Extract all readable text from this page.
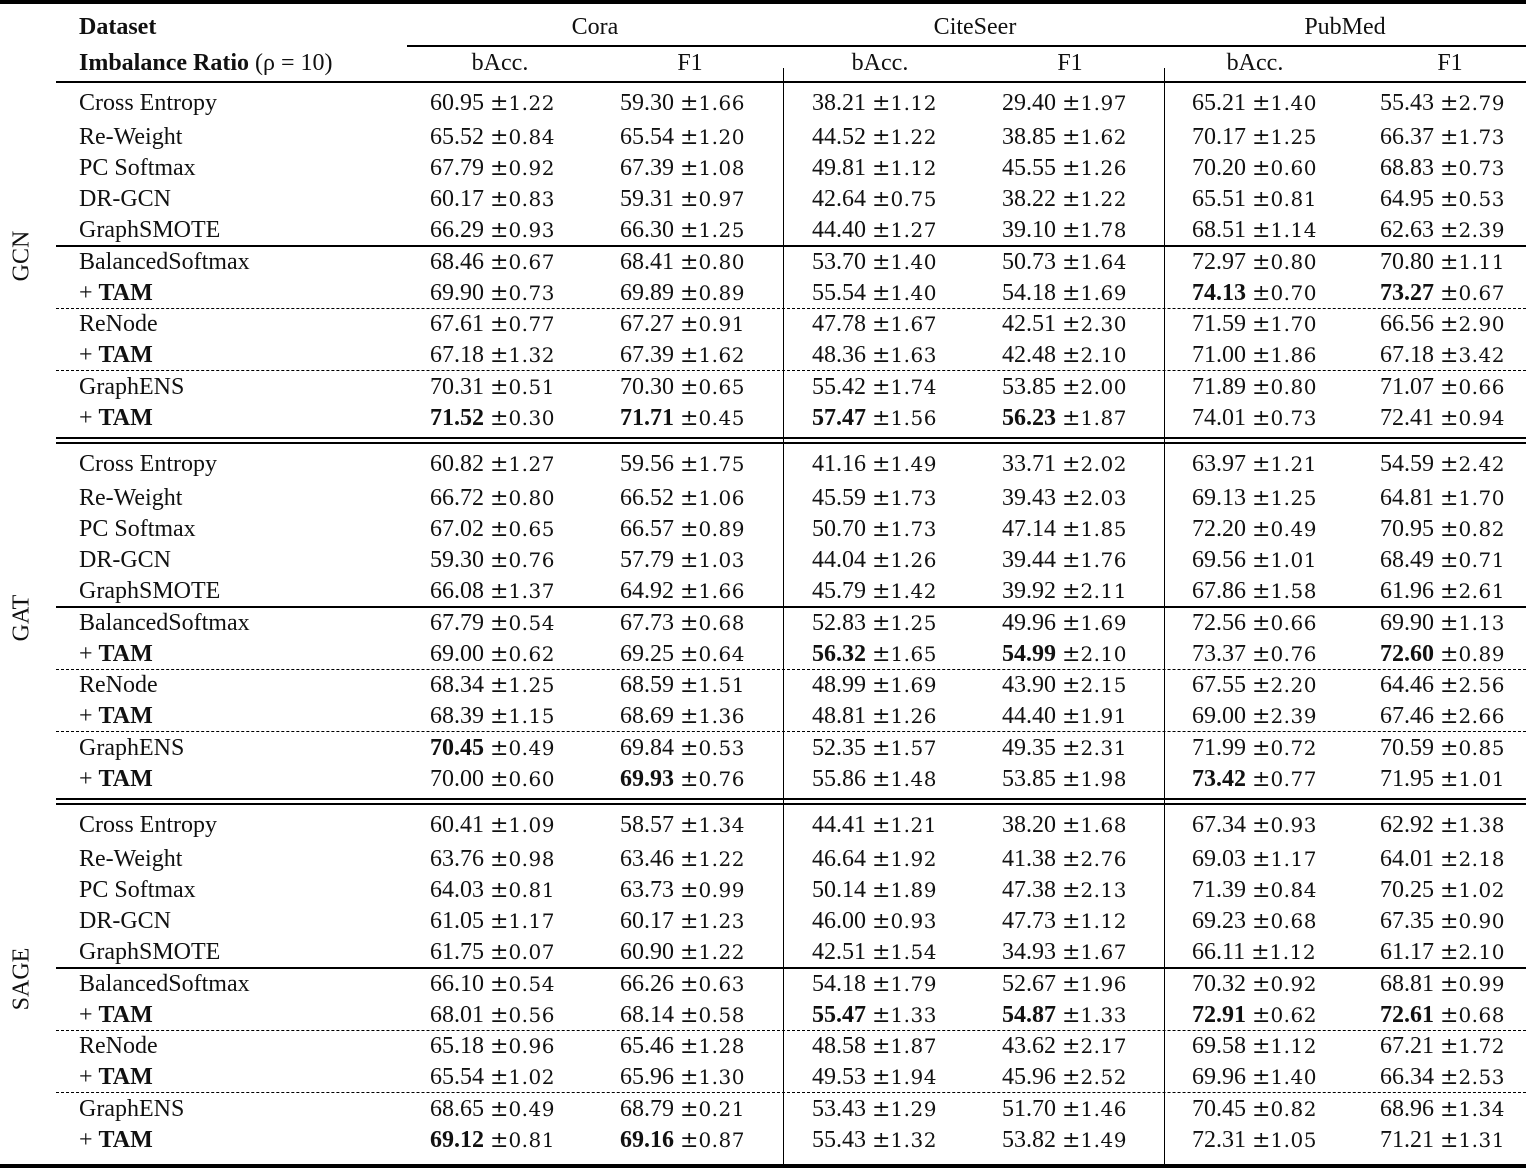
Dataset	Cora	CiteSeer	PubMed
Imbalance Ratio (ρ = 10)	bAcc.	F1	bAcc.	F1	bAcc.	F1
GCN
Cross Entropy	60.95 ±1.22	59.30 ±1.66	38.21 ±1.12	29.40 ±1.97	65.21 ±1.40	55.43 ±2.79
Re-Weight	65.52 ±0.84	65.54 ±1.20	44.52 ±1.22	38.85 ±1.62	70.17 ±1.25	66.37 ±1.73
PC Softmax	67.79 ±0.92	67.39 ±1.08	49.81 ±1.12	45.55 ±1.26	70.20 ±0.60	68.83 ±0.73
DR-GCN	60.17 ±0.83	59.31 ±0.97	42.64 ±0.75	38.22 ±1.22	65.51 ±0.81	64.95 ±0.53
GraphSMOTE	66.29 ±0.93	66.30 ±1.25	44.40 ±1.27	39.10 ±1.78	68.51 ±1.14	62.63 ±2.39
BalancedSoftmax	68.46 ±0.67	68.41 ±0.80	53.70 ±1.40	50.73 ±1.64	72.97 ±0.80	70.80 ±1.11
+ TAM	69.90 ±0.73	69.89 ±0.89	55.54 ±1.40	54.18 ±1.69	74.13 ±0.70	73.27 ±0.67
ReNode	67.61 ±0.77	67.27 ±0.91	47.78 ±1.67	42.51 ±2.30	71.59 ±1.70	66.56 ±2.90
+ TAM	67.18 ±1.32	67.39 ±1.62	48.36 ±1.63	42.48 ±2.10	71.00 ±1.86	67.18 ±3.42
GraphENS	70.31 ±0.51	70.30 ±0.65	55.42 ±1.74	53.85 ±2.00	71.89 ±0.80	71.07 ±0.66
+ TAM	71.52 ±0.30	71.71 ±0.45	57.47 ±1.56	56.23 ±1.87	74.01 ±0.73	72.41 ±0.94
GAT
Cross Entropy	60.82 ±1.27	59.56 ±1.75	41.16 ±1.49	33.71 ±2.02	63.97 ±1.21	54.59 ±2.42
Re-Weight	66.72 ±0.80	66.52 ±1.06	45.59 ±1.73	39.43 ±2.03	69.13 ±1.25	64.81 ±1.70
PC Softmax	67.02 ±0.65	66.57 ±0.89	50.70 ±1.73	47.14 ±1.85	72.20 ±0.49	70.95 ±0.82
DR-GCN	59.30 ±0.76	57.79 ±1.03	44.04 ±1.26	39.44 ±1.76	69.56 ±1.01	68.49 ±0.71
GraphSMOTE	66.08 ±1.37	64.92 ±1.66	45.79 ±1.42	39.92 ±2.11	67.86 ±1.58	61.96 ±2.61
BalancedSoftmax	67.79 ±0.54	67.73 ±0.68	52.83 ±1.25	49.96 ±1.69	72.56 ±0.66	69.90 ±1.13
+ TAM	69.00 ±0.62	69.25 ±0.64	56.32 ±1.65	54.99 ±2.10	73.37 ±0.76	72.60 ±0.89
ReNode	68.34 ±1.25	68.59 ±1.51	48.99 ±1.69	43.90 ±2.15	67.55 ±2.20	64.46 ±2.56
+ TAM	68.39 ±1.15	68.69 ±1.36	48.81 ±1.26	44.40 ±1.91	69.00 ±2.39	67.46 ±2.66
GraphENS	70.45 ±0.49	69.84 ±0.53	52.35 ±1.57	49.35 ±2.31	71.99 ±0.72	70.59 ±0.85
+ TAM	70.00 ±0.60	69.93 ±0.76	55.86 ±1.48	53.85 ±1.98	73.42 ±0.77	71.95 ±1.01
SAGE
Cross Entropy	60.41 ±1.09	58.57 ±1.34	44.41 ±1.21	38.20 ±1.68	67.34 ±0.93	62.92 ±1.38
Re-Weight	63.76 ±0.98	63.46 ±1.22	46.64 ±1.92	41.38 ±2.76	69.03 ±1.17	64.01 ±2.18
PC Softmax	64.03 ±0.81	63.73 ±0.99	50.14 ±1.89	47.38 ±2.13	71.39 ±0.84	70.25 ±1.02
DR-GCN	61.05 ±1.17	60.17 ±1.23	46.00 ±0.93	47.73 ±1.12	69.23 ±0.68	67.35 ±0.90
GraphSMOTE	61.75 ±0.07	60.90 ±1.22	42.51 ±1.54	34.93 ±1.67	66.11 ±1.12	61.17 ±2.10
BalancedSoftmax	66.10 ±0.54	66.26 ±0.63	54.18 ±1.79	52.67 ±1.96	70.32 ±0.92	68.81 ±0.99
+ TAM	68.01 ±0.56	68.14 ±0.58	55.47 ±1.33	54.87 ±1.33	72.91 ±0.62	72.61 ±0.68
ReNode	65.18 ±0.96	65.46 ±1.28	48.58 ±1.87	43.62 ±2.17	69.58 ±1.12	67.21 ±1.72
+ TAM	65.54 ±1.02	65.96 ±1.30	49.53 ±1.94	45.96 ±2.52	69.96 ±1.40	66.34 ±2.53
GraphENS	68.65 ±0.49	68.79 ±0.21	53.43 ±1.29	51.70 ±1.46	70.45 ±0.82	68.96 ±1.34
+ TAM	69.12 ±0.81	69.16 ±0.87	55.43 ±1.32	53.82 ±1.49	72.31 ±1.05	71.21 ±1.31
